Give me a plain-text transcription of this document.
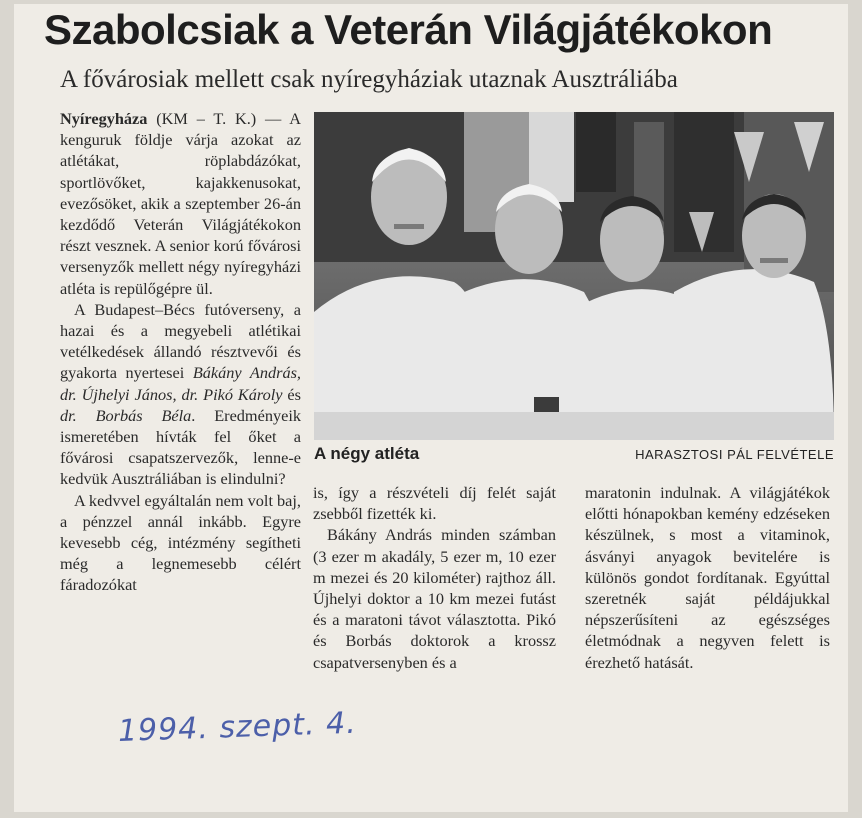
Szabolcsiak a Veterán Világjátékokon
A fővárosiak mellett csak nyíregyháziak utaznak Ausztráliába

Nyíregyháza (KM – T. K.) — A kenguruk földje várja azokat az atlétákat, röplabdázókat, sportlövőket, kajakkenusokat, evezősöket, akik a szeptember 26-án kezdődő Veterán Világjátékokon részt vesznek. A senior korú fővárosi versenyzők mellett négy nyíregyházi atléta is repülőgépre ül.

A Budapest–Bécs futóverseny, a hazai és a megyebeli atlétikai vetélkedések állandó résztvevői és gyakorta nyertesei Bákány András, dr. Újhelyi János, dr. Pikó Károly és dr. Borbás Béla. Eredményeik ismeretében hívták fel őket a fővárosi csapatszervezők, lenne-e kedvük Ausztráliában is elindulni?

A kedvvel egyáltalán nem volt baj, a pénzzel annál inkább. Egyre kevesebb cég, intézmény segítheti még a legnemesebb célért fáradozókat

A négy atléta	HARASZTOSI PÁL FELVÉTELE

is, így a részvételi díj felét saját zsebből fizették ki.

Bákány András minden számban (3 ezer m akadály, 5 ezer m, 10 ezer m mezei és 20 kilométer) rajthoz áll. Újhelyi doktor a 10 km mezei futást és a maratoni távot választotta. Pikó és Borbás doktorok a krossz csapatversenyben és a

maratonin indulnak. A világjátékok előtti hónapokban kemény edzéseken készülnek, s most a vitaminok, ásványi anyagok bevitelére is különös gondot fordítanak. Egyúttal szeretnék saját példájukkal népszerűsíteni az egészséges életmódnak a negyven felett is érezhető hatását.

1994. szept. 4.
